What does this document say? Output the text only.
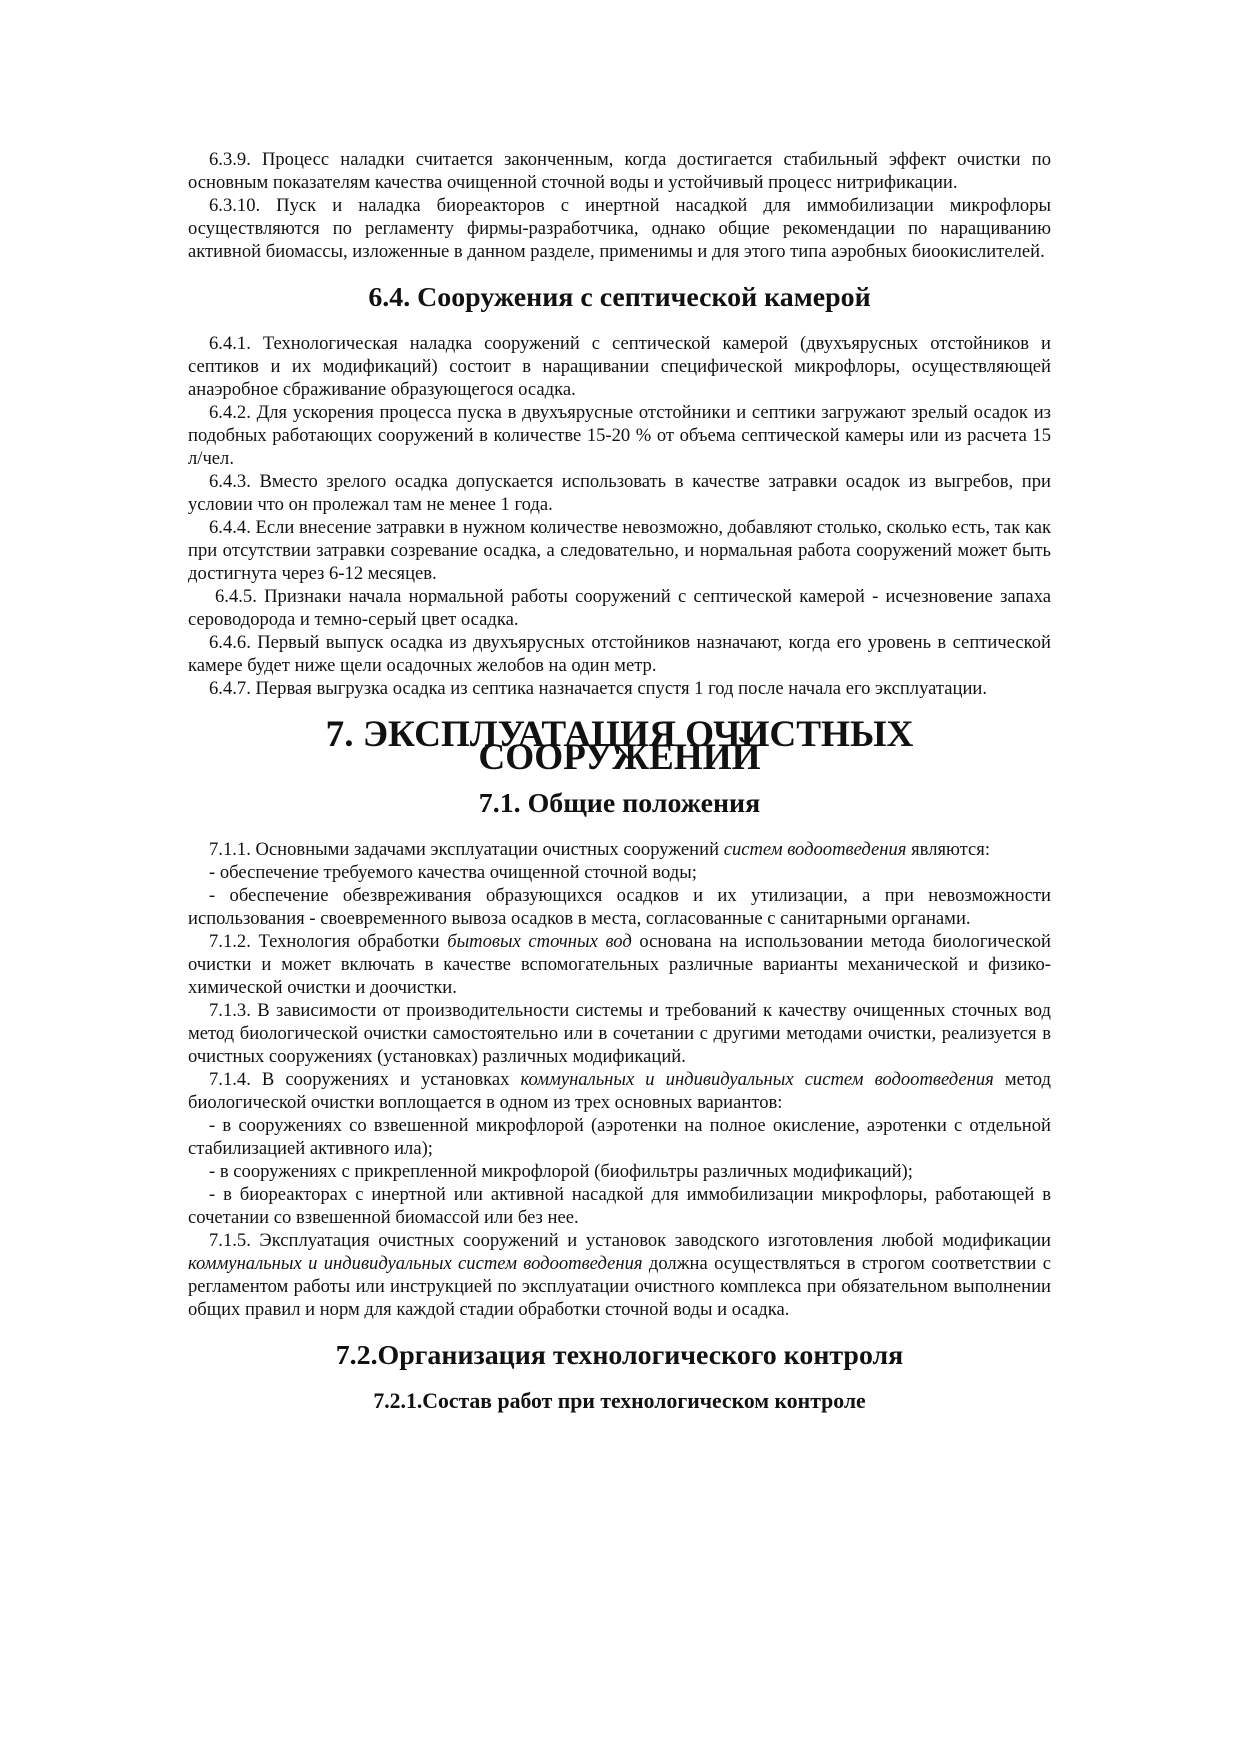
6.3.9. Процесс наладки считается законченным, когда достигается стабильный эффект очистки по основным показателям качества очищенной сточной воды и устойчивый процесс нитрификации.

6.3.10. Пуск и наладка биореакторов с инертной насадкой для иммобилизации микрофлоры осуществляются по регламенту фирмы-разработчика, однако общие рекомендации по наращиванию активной биомассы, изложенные в данном разделе, применимы и для этого типа аэробных биоокислителей.

6.4. Сооружения с септической камерой

6.4.1. Технологическая наладка сооружений с септической камерой (двухъярусных отстойников и септиков и их модификаций) состоит в наращивании специфической микрофлоры, осуществляющей анаэробное сбраживание образующегося осадка.

6.4.2. Для ускорения процесса пуска в двухъярусные отстойники и септики загружают зрелый осадок из подобных работающих сооружений в количестве 15-20 % от объема септической камеры или из расчета 15 л/чел.

6.4.3. Вместо зрелого осадка допускается использовать в качестве затравки осадок из выгребов, при условии что он пролежал там не менее 1 года.

6.4.4. Если внесение затравки в нужном количестве невозможно, добавляют столько, сколько есть, так как при отсутствии затравки созревание осадка, а следовательно, и нормальная работа сооружений может быть достигнута через 6-12 месяцев.

6.4.5. Признаки начала нормальной работы сооружений с септической камерой - исчезновение запаха сероводорода и темно-серый цвет осадка.

6.4.6. Первый выпуск осадка из двухъярусных отстойников назначают, когда его уровень в септической камере будет ниже щели осадочных желобов на один метр.

6.4.7. Первая выгрузка осадка из септика назначается спустя 1 год после начала его эксплуатации.

7. ЭКСПЛУАТАЦИЯ ОЧИСТНЫХ СООРУЖЕНИЙ
7.1. Общие положения

7.1.1. Основными задачами эксплуатации очистных сооружений систем водоотведения являются:

- обеспечение требуемого качества очищенной сточной воды;

- обеспечение обезвреживания образующихся осадков и их утилизации, а при невозможности использования - своевременного вывоза осадков в места, согласованные с санитарными органами.

7.1.2. Технология обработки бытовых сточных вод основана на использовании метода биологической очистки и может включать в качестве вспомогательных различные варианты механической и физико-химической очистки и доочистки.

7.1.3. В зависимости от производительности системы и требований к качеству очищенных сточных вод метод биологической очистки самостоятельно или в сочетании с другими методами очистки, реализуется в очистных сооружениях (установках) различных модификаций.

7.1.4. В сооружениях и установках коммунальных и индивидуальных систем водоотведения метод биологической очистки воплощается в одном из трех основных вариантов:

- в сооружениях со взвешенной микрофлорой (аэротенки на полное окисление, аэротенки с отдельной стабилизацией активного ила);

- в сооружениях с прикрепленной микрофлорой (биофильтры различных модификаций);

- в биореакторах с инертной или активной насадкой для иммобилизации микрофлоры, работающей в сочетании со взвешенной биомассой или без нее.

7.1.5. Эксплуатация очистных сооружений и установок заводского изготовления любой модификации коммунальных и индивидуальных систем водоотведения должна осуществляться в строгом соответствии с регламентом работы или инструкцией по эксплуатации очистного комплекса при обязательном выполнении общих правил и норм для каждой стадии обработки сточной воды и осадка.

7.2.Организация технологического контроля
7.2.1.Состав работ при технологическом контроле
